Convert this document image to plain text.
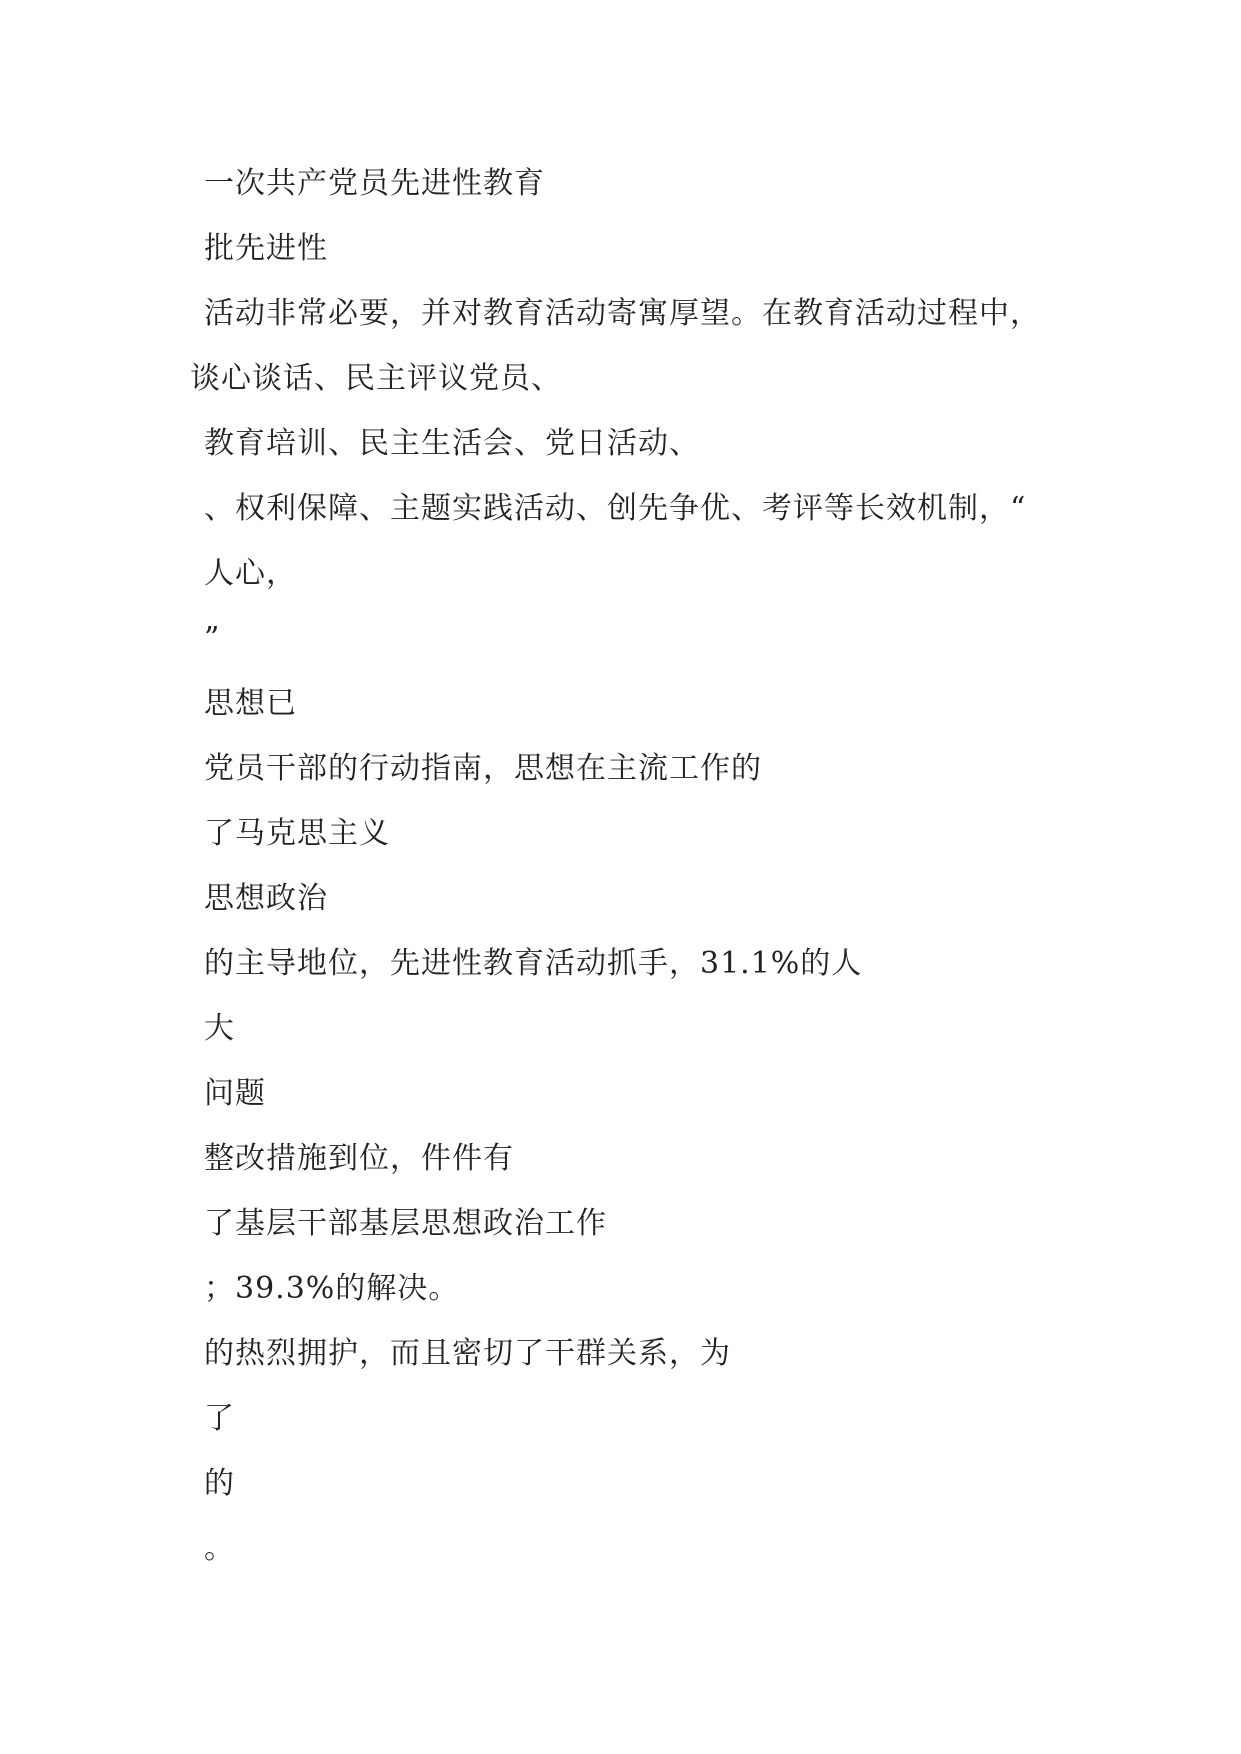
一次共产党员先进性教育
批先进性
活动非常必要，并对教育活动寄寓厚望。在教育活动过程中，
谈心谈话、民主评议党员、
教育培训、民主生活会、党日活动、
、权利保障、主题实践活动、创先争优、考评等长效机制，“
人心，
”
思想已
党员干部的行动指南，思想在主流工作的
了马克思主义
思想政治
的主导地位，先进性教育活动抓手，31.1%的人
大
问题
整改措施到位，件件有
了基层干部基层思想政治工作
；39.3%的解决。
的热烈拥护，而且密切了干群关系，为
了
的
。
